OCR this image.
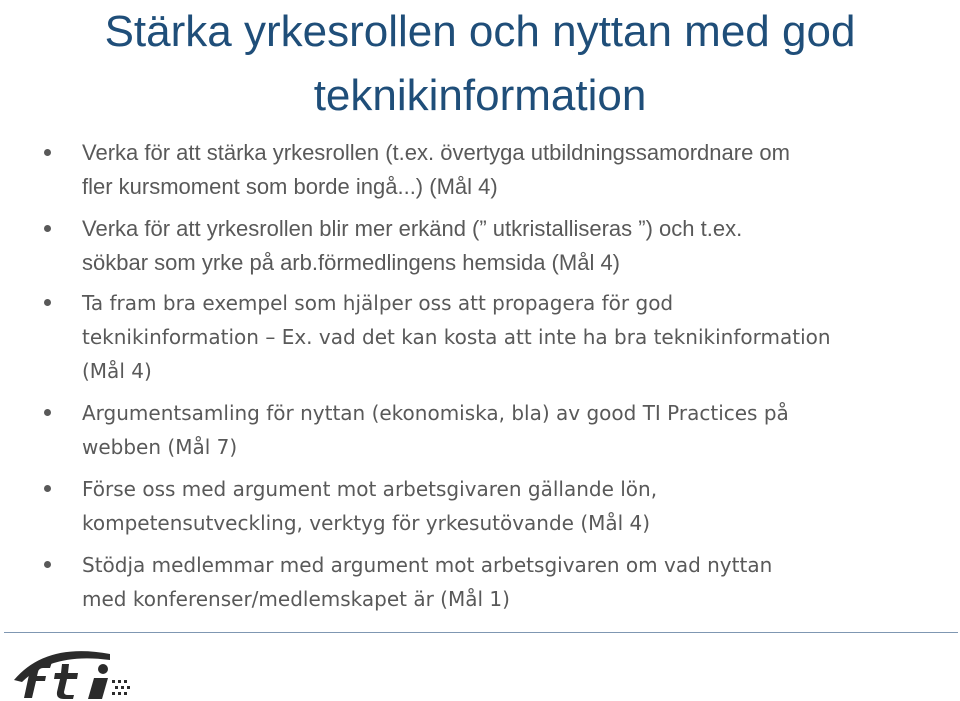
Stärka yrkesrollen och nyttan med god
teknikinformation
Verka för att stärka yrkesrollen (t.ex. övertyga utbildningssamordnare om
fler kursmoment som borde ingå...) (Mål 4)
Verka för att yrkesrollen blir mer erkänd (” utkristalliseras ”) och t.ex.
sökbar som yrke på arb.förmedlingens hemsida (Mål 4)
Ta fram bra exempel som hjälper oss att propagera för god
teknikinformation – Ex. vad det kan kosta att inte ha bra teknikinformation
(Mål 4)
Argumentsamling för nyttan (ekonomiska, bla) av good TI Practices på
webben (Mål 7)
Förse oss med argument mot arbetsgivaren gällande lön,
kompetensutveckling, verktyg för yrkesutövande (Mål 4)
Stödja medlemmar med argument mot arbetsgivaren om vad nyttan
med konferenser/medlemskapet är (Mål 1)
